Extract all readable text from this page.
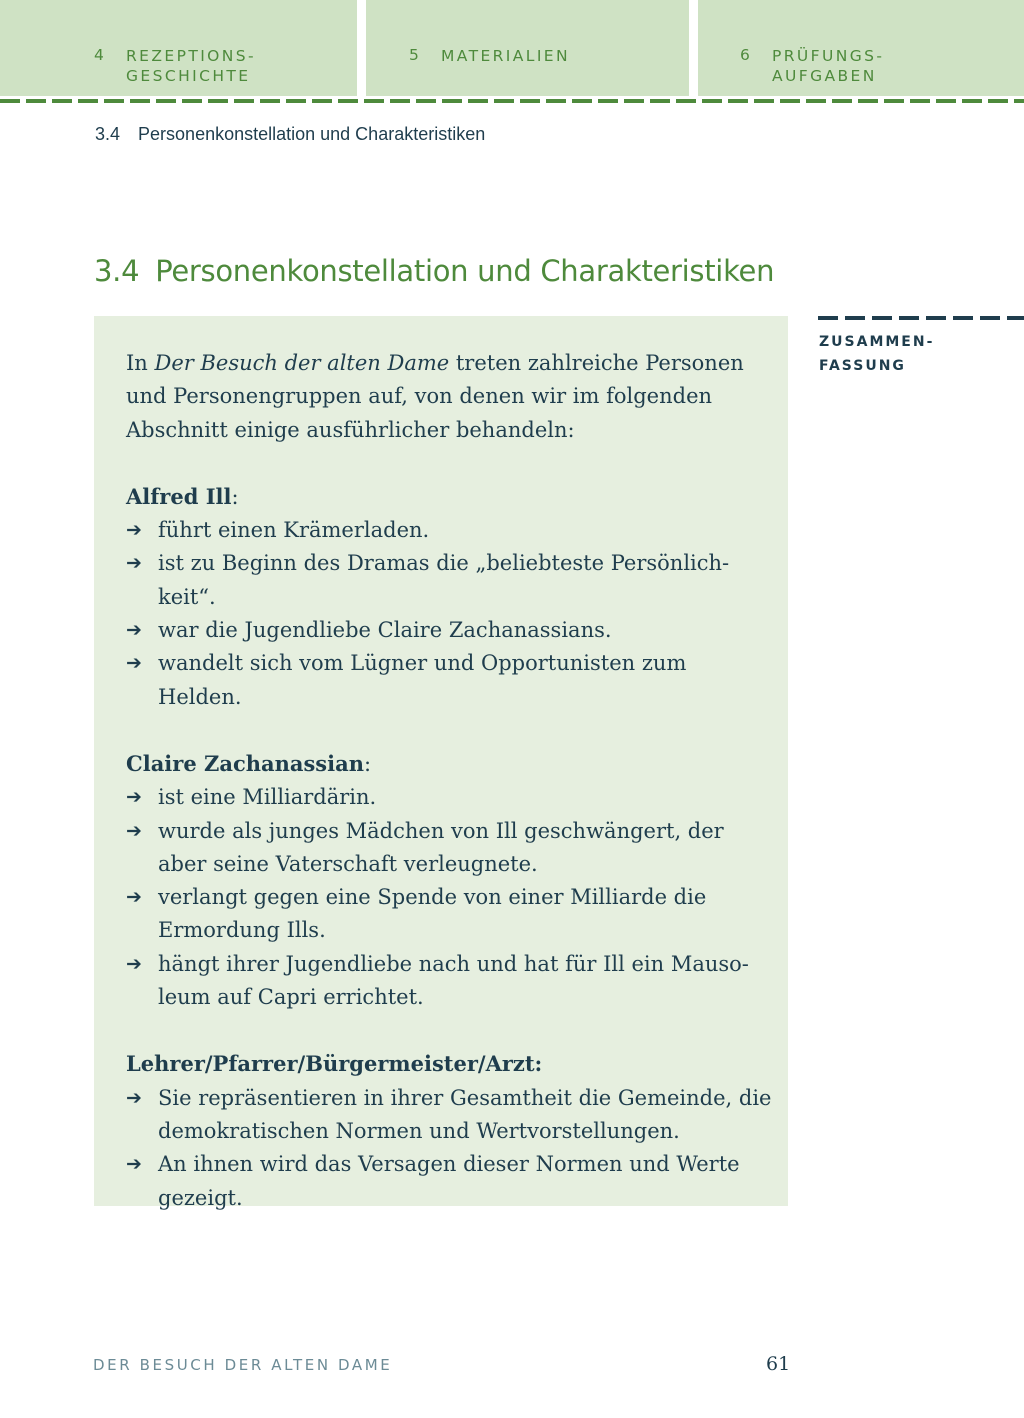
4 REZEPTIONS-
GESCHICHTE
5 MATERIALIEN	6 PRÜFUNGS-
AUFGABEN
3.4 Personenkonstellation und Charakteristiken
3.4 Personenkonstellation und Charakteristiken

In Der Besuch der alten Dame treten zahlreiche Personen und Personengruppen auf, von denen wir im folgenden Abschnitt einige ausführlicher behandeln:

Alfred Ill:

➔ führt einen Krämerladen.
➔ ist zu Beginn des Dramas die „beliebteste Persönlich-keit“.
➔ war die Jugendliebe Claire Zachanassians.
➔ wandelt sich vom Lügner und Opportunisten zum Helden.

Claire Zachanassian:

➔ ist eine Milliardärin.
➔ wurde als junges Mädchen von Ill geschwängert, der aber seine Vaterschaft verleugnete.
➔ verlangt gegen eine Spende von einer Milliarde die Ermordung Ills.
➔ hängt ihrer Jugendliebe nach und hat für Ill ein Mauso-leum auf Capri errichtet.

Lehrer/Pfarrer/Bürgermeister/Arzt:

➔ Sie repräsentieren in ihrer Gesamtheit die Gemeinde, die demokratischen Normen und Wertvorstellungen.
➔ An ihnen wird das Versagen dieser Normen und Werte gezeigt.
ZUSAMMEN-
FASSUNG
DER BESUCH DER ALTEN DAME	61
